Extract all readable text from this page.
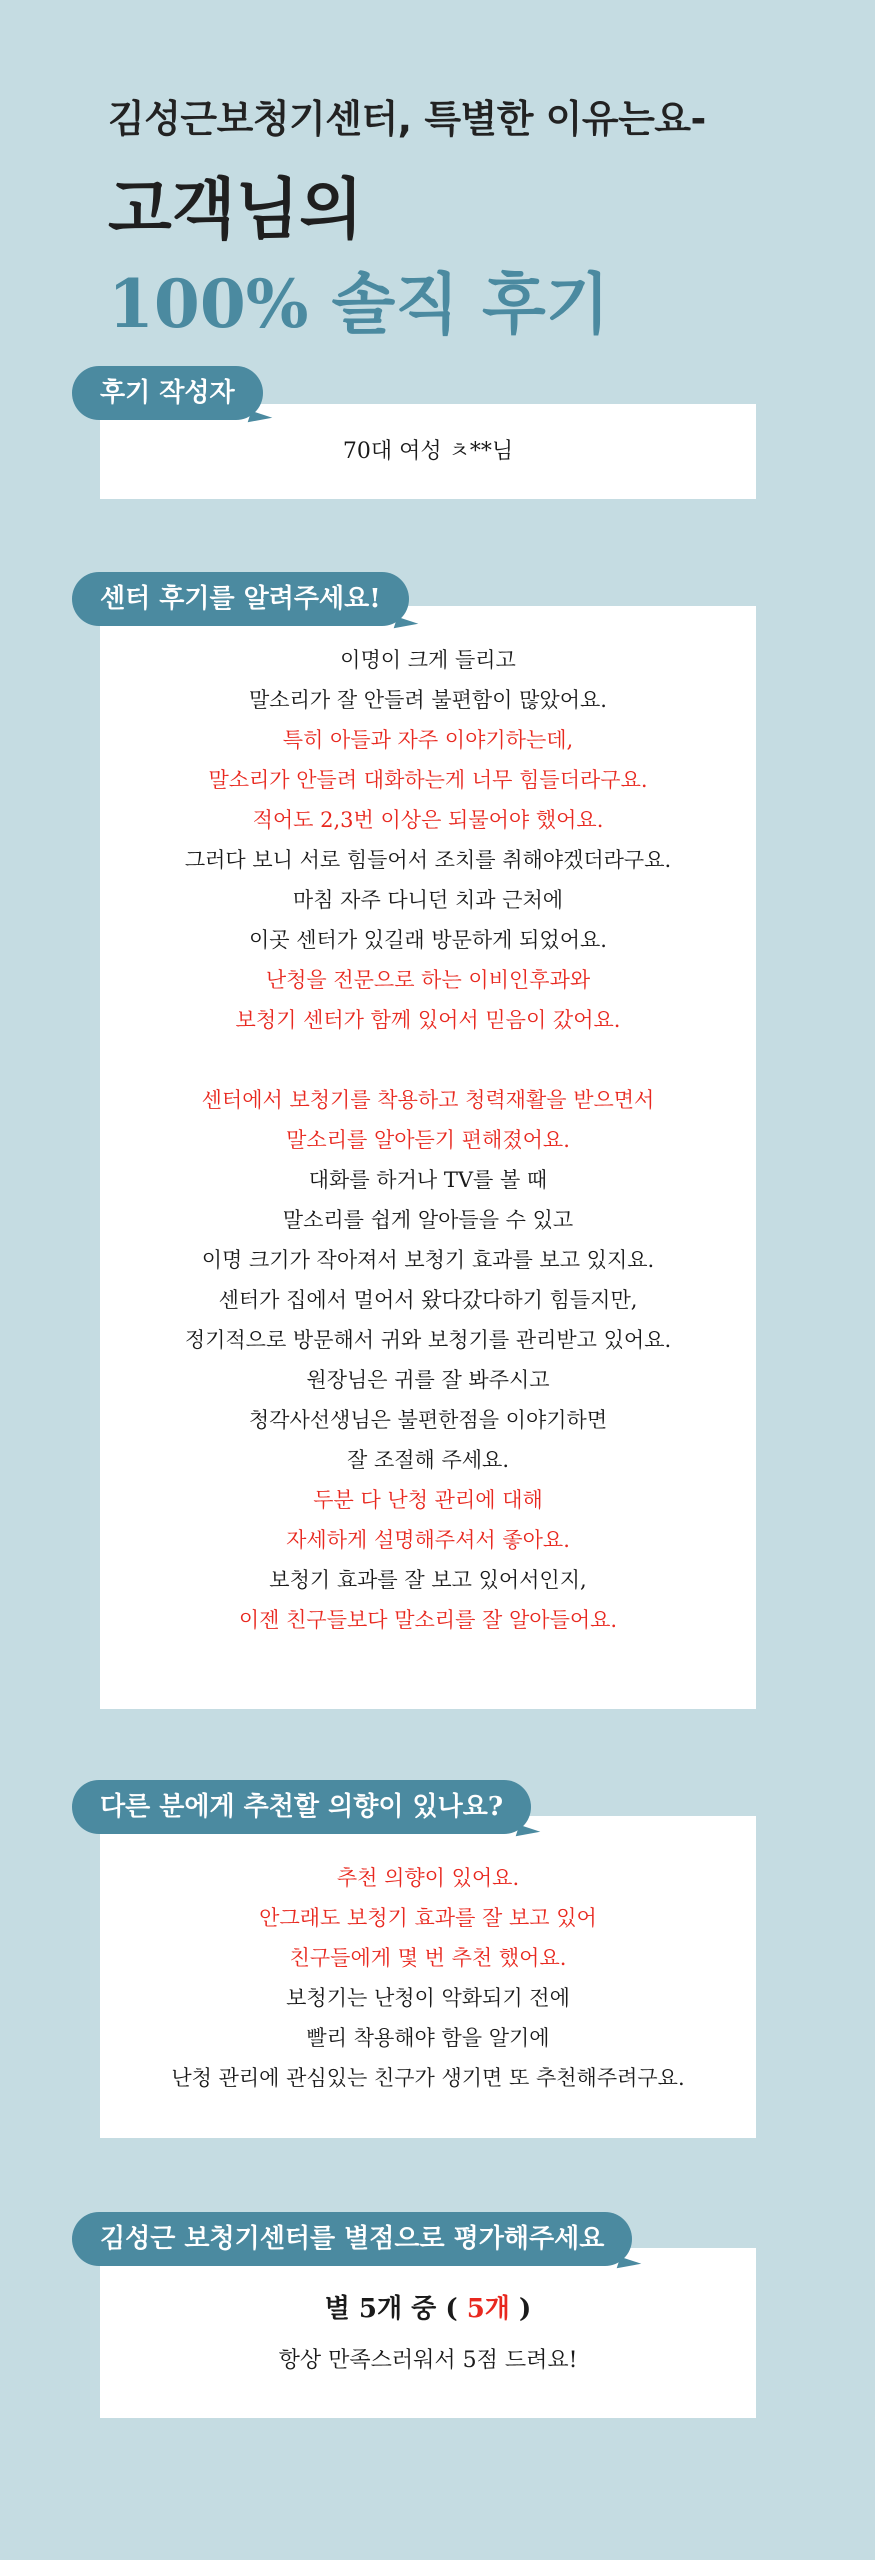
김성근보청기센터, 특별한 이유는요-
고객님의
100% 솔직 후기
후기 작성자
70대 여성 ㅊ**님
센터 후기를 알려주세요!
이명이 크게 들리고
말소리가 잘 안들려 불편함이 많았어요.
특히 아들과 자주 이야기하는데,
말소리가 안들려 대화하는게 너무 힘들더라구요.
적어도 2,3번 이상은 되물어야 했어요.
그러다 보니 서로 힘들어서 조치를 취해야겠더라구요.
마침 자주 다니던 치과 근처에
이곳 센터가 있길래 방문하게 되었어요.
난청을 전문으로 하는 이비인후과와
보청기 센터가 함께 있어서 믿음이 갔어요.
센터에서 보청기를 착용하고 청력재활을 받으면서
말소리를 알아듣기 편해졌어요.
대화를 하거나 TV를 볼 때
말소리를 쉽게 알아들을 수 있고
이명 크기가 작아져서 보청기 효과를 보고 있지요.
센터가 집에서 멀어서 왔다갔다하기 힘들지만,
정기적으로 방문해서 귀와 보청기를 관리받고 있어요.
원장님은 귀를 잘 봐주시고
청각사선생님은 불편한점을 이야기하면
잘 조절해 주세요.
두분 다 난청 관리에 대해
자세하게 설명해주셔서 좋아요.
보청기 효과를 잘 보고 있어서인지,
이젠 친구들보다 말소리를 잘 알아들어요.
다른 분에게 추천할 의향이 있나요?
추천 의향이 있어요.
안그래도 보청기 효과를 잘 보고 있어
친구들에게 몇 번 추천 했어요.
보청기는 난청이 악화되기 전에
빨리 착용해야 함을 알기에
난청 관리에 관심있는 친구가 생기면 또 추천해주려구요.
김성근 보청기센터를 별점으로 평가해주세요
별 5개 중 ( 5개 )
항상 만족스러워서 5점 드려요!
